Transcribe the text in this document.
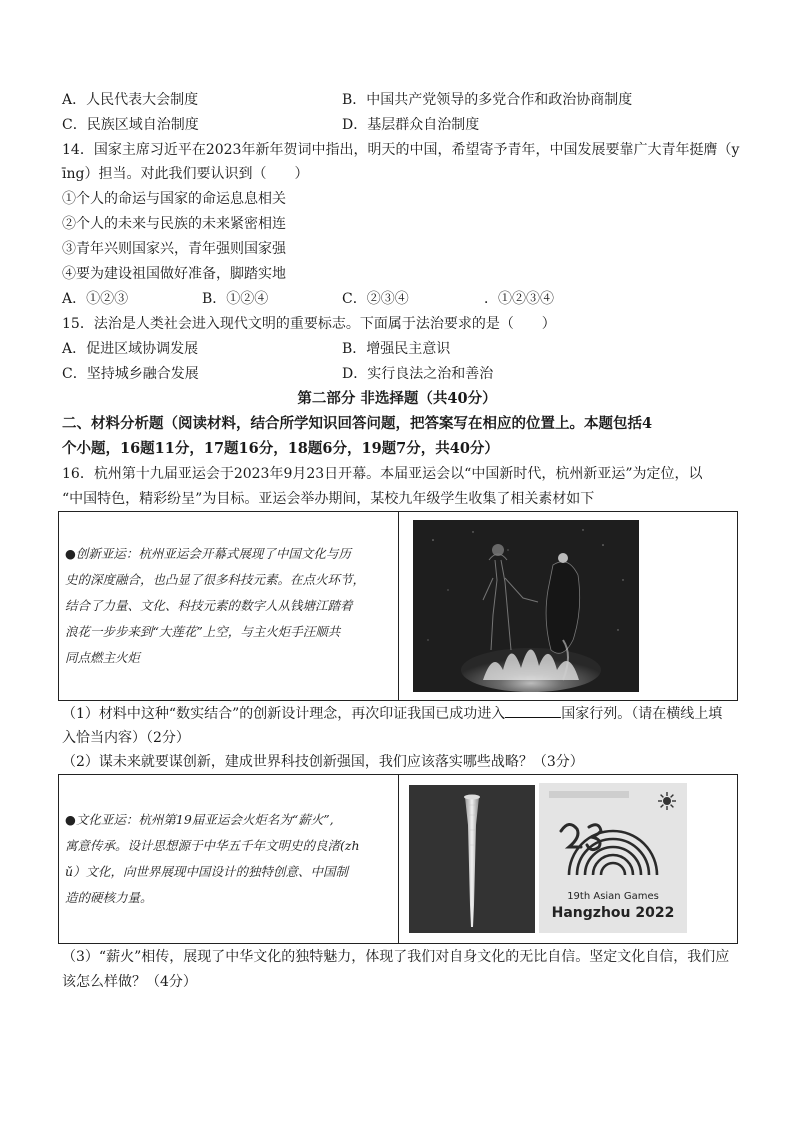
A．人民代表大会制度	B．中国共产党领导的多党合作和政治协商制度
C．民族区域自治制度	D．基层群众自治制度
14．国家主席习近平在2023年新年贺词中指出，明天的中国，希望寄予青年，中国发展要靠广大青年挺膺（y
īng）担当。对此我们要认识到（　　）
①个人的命运与国家的命运息息相关
②个人的未来与民族的未来紧密相连
③青年兴则国家兴，青年强则国家强
④要为建设祖国做好准备，脚踏实地
A．①②③	B．①②④	C．②③④	．①②③④
15．法治是人类社会进入现代文明的重要标志。下面属于法治要求的是（　　）
A．促进区域协调发展	B．增强民主意识
C．坚持城乡融合发展	D．实行良法之治和善治
第二部分 非选择题（共40分）
二、材料分析题（阅读材料，结合所学知识回答问题，把答案写在相应的位置上。本题包括4
个小题，16题11分，17题16分，18题6分，19题7分，共40分）
16．杭州第十九届亚运会于2023年9月23日开幕。本届亚运会以“中国新时代，杭州新亚运”为定位，以
“中国特色，精彩纷呈”为目标。亚运会举办期间，某校九年级学生收集了相关素材如下
●创新亚运：杭州亚运会开幕式展现了中国文化与历
史的深度融合，也凸显了很多科技元素。在点火环节，
结合了力量、文化、科技元素的数字人从钱塘江踏着
浪花一步步来到“大莲花”上空，与主火炬手汪顺共
同点燃主火炬
（1）材料中这种“数实结合”的创新设计理念，再次印证我国已成功进入	国家行列。（请在横线上填
入恰当内容）（2分）
（2）谋未来就要谋创新，建成世界科技创新强国，我们应该落实哪些战略？（3分）
●文化亚运：杭州第19届亚运会火炬名为“薪火”,
寓意传承。设计思想源于中华五千年文明史的良渚(zh
ǔ）文化，向世界展现中国设计的独特创意、中国制
造的硬核力量。	19th Asian Games
Hangzhou 2022
（3）“薪火”相传，展现了中华文化的独特魅力，体现了我们对自身文化的无比自信。坚定文化自信，我们应
该怎么样做？（4分）
